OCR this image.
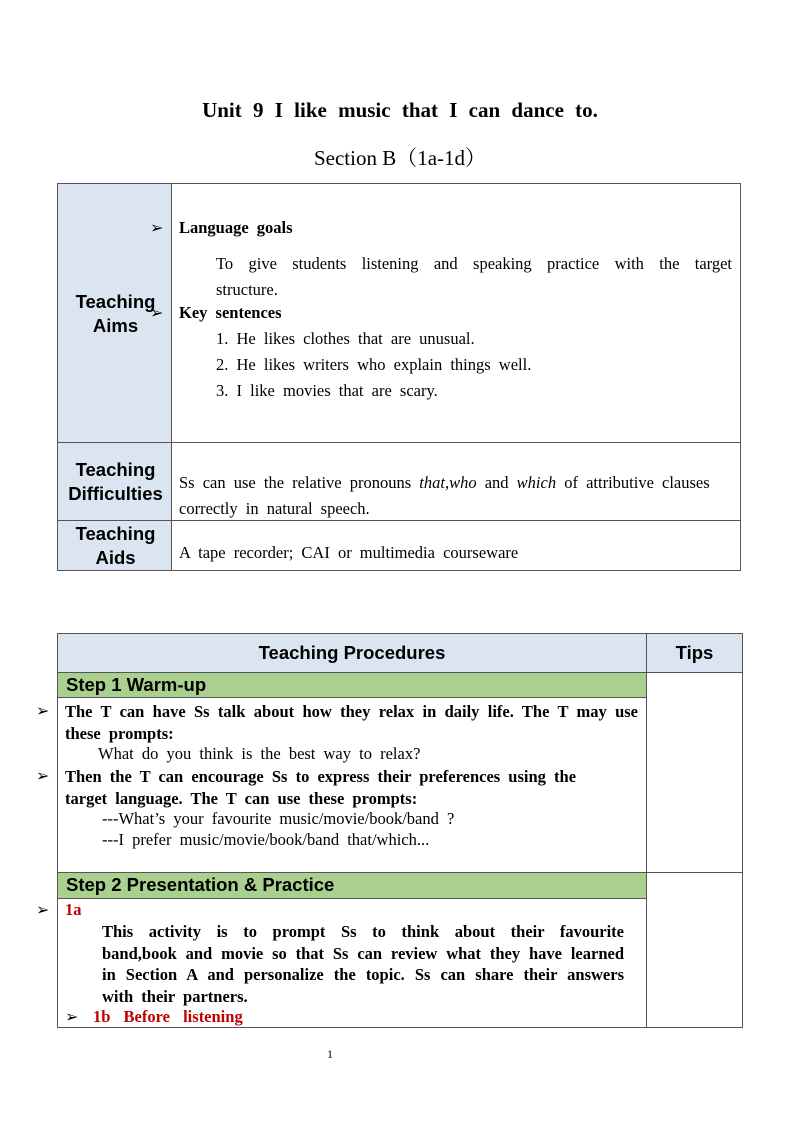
Unit 9 I like music that I can dance to.
Section B（1a-1d）
Teaching
Aims
Teaching
Difficulties
Teaching
Aids
➢ Language goals
To give students listening and speaking practice with the target structure.
➢ Key sentences
1. He likes clothes that are unusual.
2. He likes writers who explain things well.
3. I like movies that are scary.
Ss can use the relative pronouns that,who and which of attributive clauses correctly in natural speech.
A tape recorder; CAI or multimedia courseware
Teaching Procedures	Tips
Step 1 Warm-up
➢ The T can have Ss talk about how they relax in daily life. The T may use these prompts:
What do you think is the best way to relax?
➢ Then the T can encourage Ss to express their preferences using the target language. The T can use these prompts:
---What’s your favourite music/movie/book/band ?
---I prefer music/movie/book/band that/which...
Step 2 Presentation & Practice
➢ 1a
This activity is to prompt Ss to think about their favourite band,book and movie so that Ss can review what they have learned in Section A and personalize the topic. Ss can share their answers with their partners.
➢ 1b Before listening
1
